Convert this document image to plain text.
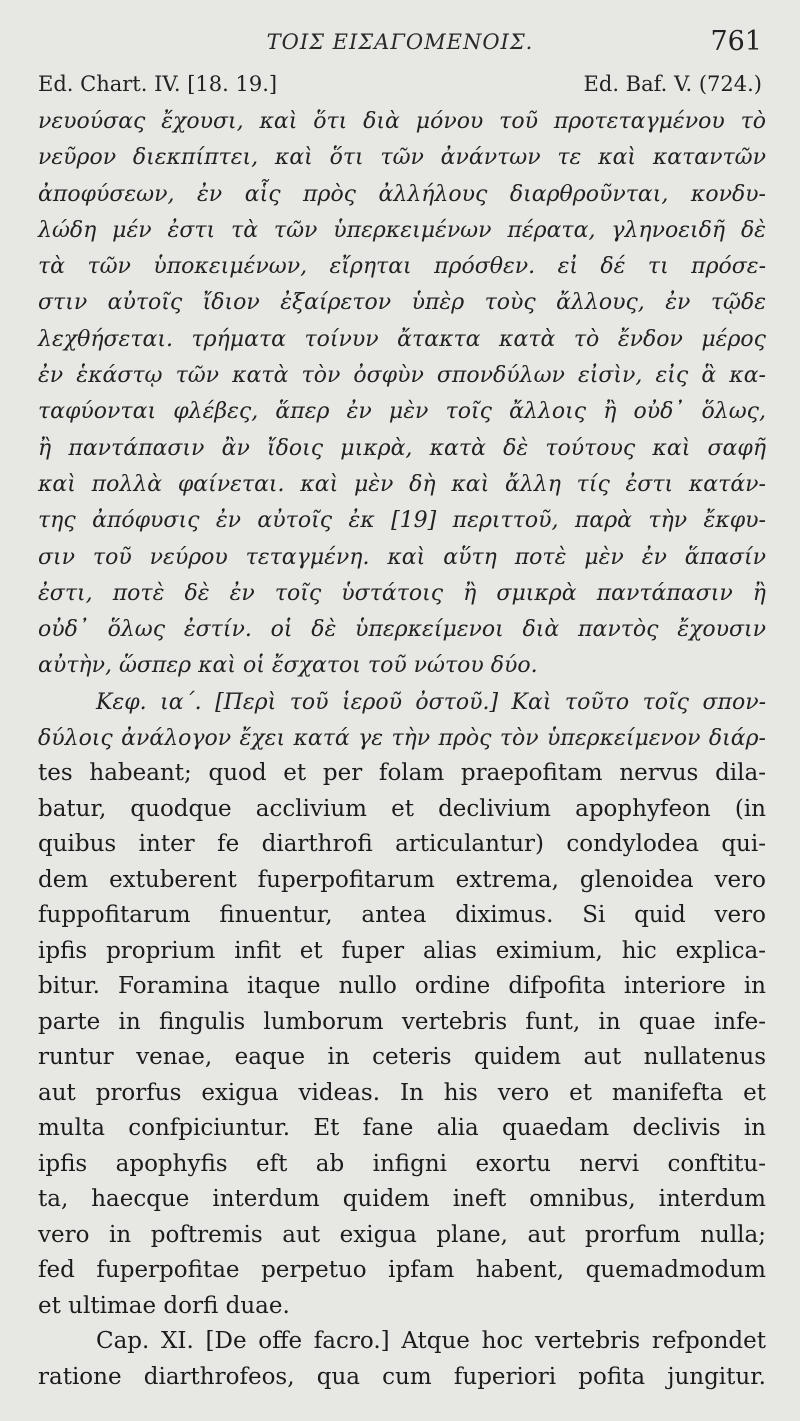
ΤΟΙΣ ΕΙΣΑΓΟΜΕΝΟΙΣ.	761
Ed. Chart. IV. [18. 19.]	Ed. Baf. V. (724.)
νευούσας ἔχουσι, καὶ ὅτι διὰ μόνου τοῦ προτεταγμένου τὸ
νεῦρον διεκπίπτει, καὶ ὅτι τῶν ἀνάντων τε καὶ καταντῶν
ἀποφύσεων, ἐν αἷς πρὸς ἀλλήλους διαρθροῦνται, κονδυ-
λώδη μέν ἐστι τὰ τῶν ὑπερκειμένων πέρατα, γληνοειδῆ δὲ
τὰ τῶν ὑποκειμένων, εἴρηται πρόσθεν. εἰ δέ τι πρόσε-
στιν αὐτοῖς ἴδιον ἐξαίρετον ὑπὲρ τοὺς ἄλλους, ἐν τῷδε
λεχθήσεται. τρήματα τοίνυν ἄτακτα κατὰ τὸ ἔνδον μέρος
ἐν ἑκάστῳ τῶν κατὰ τὸν ὀσφὺν σπονδύλων εἰσὶν, εἰς ἃ κα-
ταφύονται φλέβες, ἅπερ ἐν μὲν τοῖς ἄλλοις ἢ οὐδ᾽ ὅλως,
ἢ παντάπασιν ἂν ἴδοις μικρὰ, κατὰ δὲ τούτους καὶ σαφῆ
καὶ πολλὰ φαίνεται. καὶ μὲν δὴ καὶ ἄλλη τίς ἐστι κατάν-
της ἀπόφυσις ἐν αὐτοῖς ἐκ [19] περιττοῦ, παρὰ τὴν ἔκφυ-
σιν τοῦ νεύρου τεταγμένη. καὶ αὕτη ποτὲ μὲν ἐν ἅπασίν
ἐστι, ποτὲ δὲ ἐν τοῖς ὑστάτοις ἢ σμικρὰ παντάπασιν ἢ
οὐδ᾽ ὅλως ἐστίν. οἱ δὲ ὑπερκείμενοι διὰ παντὸς ἔχουσιν
αὐτὴν, ὥσπερ καὶ οἱ ἔσχατοι τοῦ νώτου δύο.
Κεφ. ια΄. [Περὶ τοῦ ἱεροῦ ὀστοῦ.] Καὶ τοῦτο τοῖς σπον-
δύλοις ἀνάλογον ἔχει κατά γε τὴν πρὸς τὸν ὑπερκείμενον διάρ-
tes habeant; quod et per folam praepofitam nervus dila-
batur, quodque acclivium et declivium apophyfeon (in
quibus inter fe diarthrofi articulantur) condylodea qui-
dem extuberent fuperpofitarum extrema, glenoidea vero
fuppofitarum finuentur, antea diximus. Si quid vero
ipfis proprium infit et fuper alias eximium, hic explica-
bitur. Foramina itaque nullo ordine difpofita interiore in
parte in fingulis lumborum vertebris funt, in quae infe-
runtur venae, eaque in ceteris quidem aut nullatenus
aut prorfus exigua videas. In his vero et manifefta et
multa confpiciuntur. Et fane alia quaedam declivis in
ipfis apophyfis eft ab infigni exortu nervi conftitu-
ta, haecque interdum quidem ineft omnibus, interdum
vero in poftremis aut exigua plane, aut prorfum nulla;
fed fuperpofitae perpetuo ipfam habent, quemadmodum
et ultimae dorfi duae.
Cap. XI. [De offe facro.] Atque hoc vertebris refpondet
ratione diarthrofeos, qua cum fuperiori pofita jungitur.
